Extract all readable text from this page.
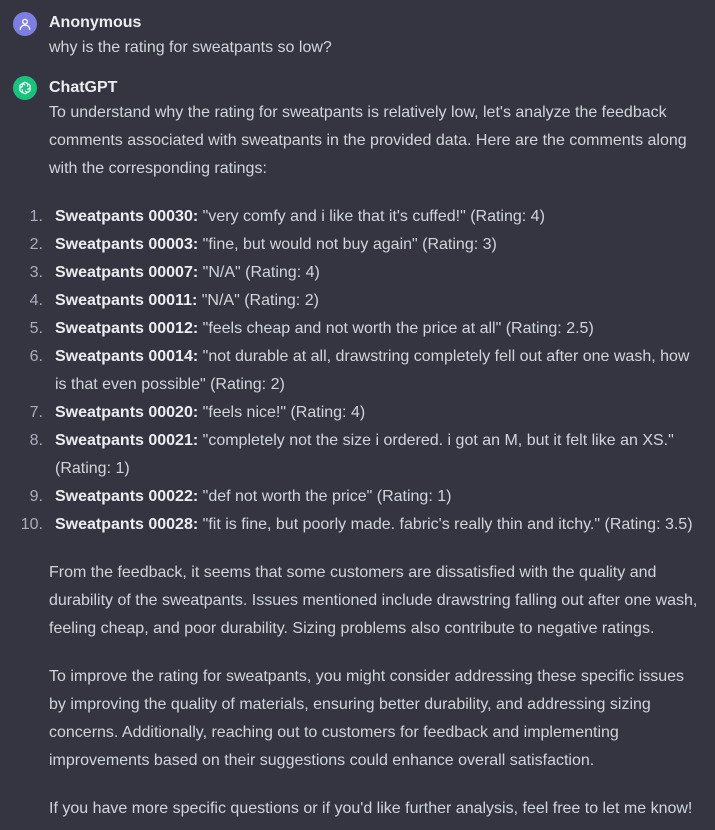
Anonymous
why is the rating for sweatpants so low?
ChatGPT

To understand why the rating for sweatpants is relatively low, let's analyze the feedback comments associated with sweatpants in the provided data. Here are the comments along with the corresponding ratings:

1. Sweatpants 00030: "very comfy and i like that it's cuffed!" (Rating: 4)
2. Sweatpants 00003: "fine, but would not buy again" (Rating: 3)
3. Sweatpants 00007: "N/A" (Rating: 4)
4. Sweatpants 00011: "N/A" (Rating: 2)
5. Sweatpants 00012: "feels cheap and not worth the price at all" (Rating: 2.5)
6. Sweatpants 00014: "not durable at all, drawstring completely fell out after one wash, how is that even possible" (Rating: 2)
7. Sweatpants 00020: "feels nice!" (Rating: 4)
8. Sweatpants 00021: "completely not the size i ordered. i got an M, but it felt like an XS." (Rating: 1)
9. Sweatpants 00022: "def not worth the price" (Rating: 1)
10. Sweatpants 00028: "fit is fine, but poorly made. fabric's really thin and itchy." (Rating: 3.5)

From the feedback, it seems that some customers are dissatisfied with the quality and durability of the sweatpants. Issues mentioned include drawstring falling out after one wash, feeling cheap, and poor durability. Sizing problems also contribute to negative ratings.

To improve the rating for sweatpants, you might consider addressing these specific issues by improving the quality of materials, ensuring better durability, and addressing sizing concerns. Additionally, reaching out to customers for feedback and implementing improvements based on their suggestions could enhance overall satisfaction.

If you have more specific questions or if you'd like further analysis, feel free to let me know!
